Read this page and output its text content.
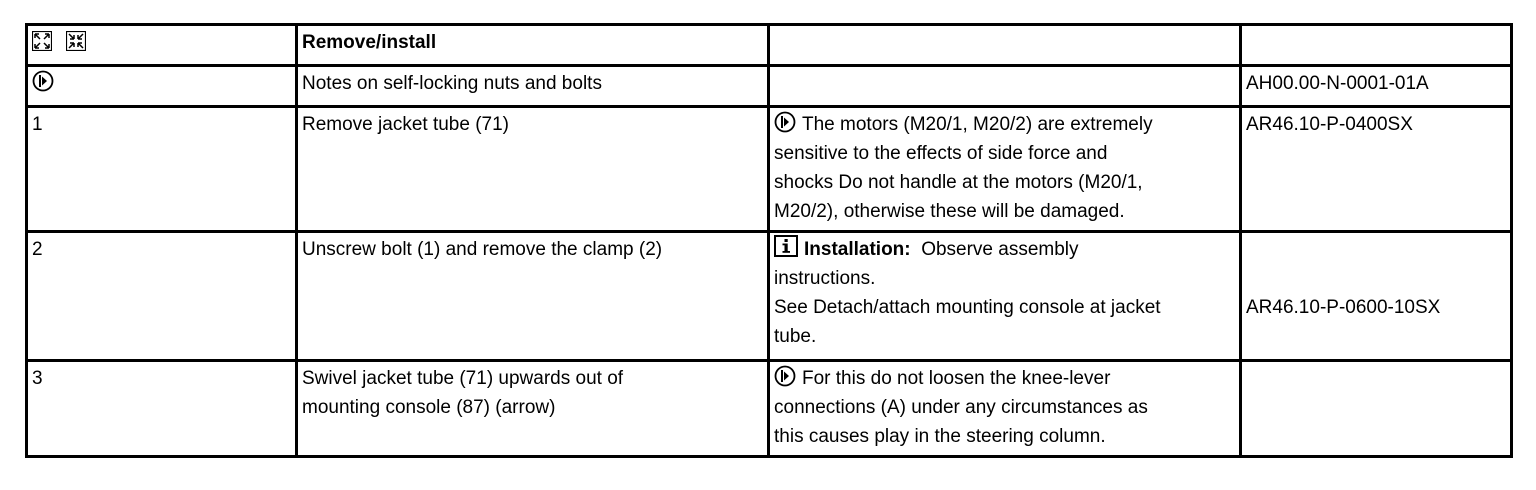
	Remove/install		
	Notes on self-locking nuts and bolts		AH00.00-N-0001-01A
1	Remove jacket tube (71)	The motors (M20/1, M20/2) are extremely
sensitive to the effects of side force and
shocks Do not handle at the motors (M20/1,
M20/2), otherwise these will be damaged.	AR46.10-P-0400SX
2	Unscrew bolt (1) and remove the clamp (2)	Installation: Observe assembly
instructions.
See Detach/attach mounting console at jacket
tube.	AR46.10-P-0600-10SX
3	Swivel jacket tube (71) upwards out of
mounting console (87) (arrow)	For this do not loosen the knee-lever
connections (A) under any circumstances as
this causes play in the steering column.	
